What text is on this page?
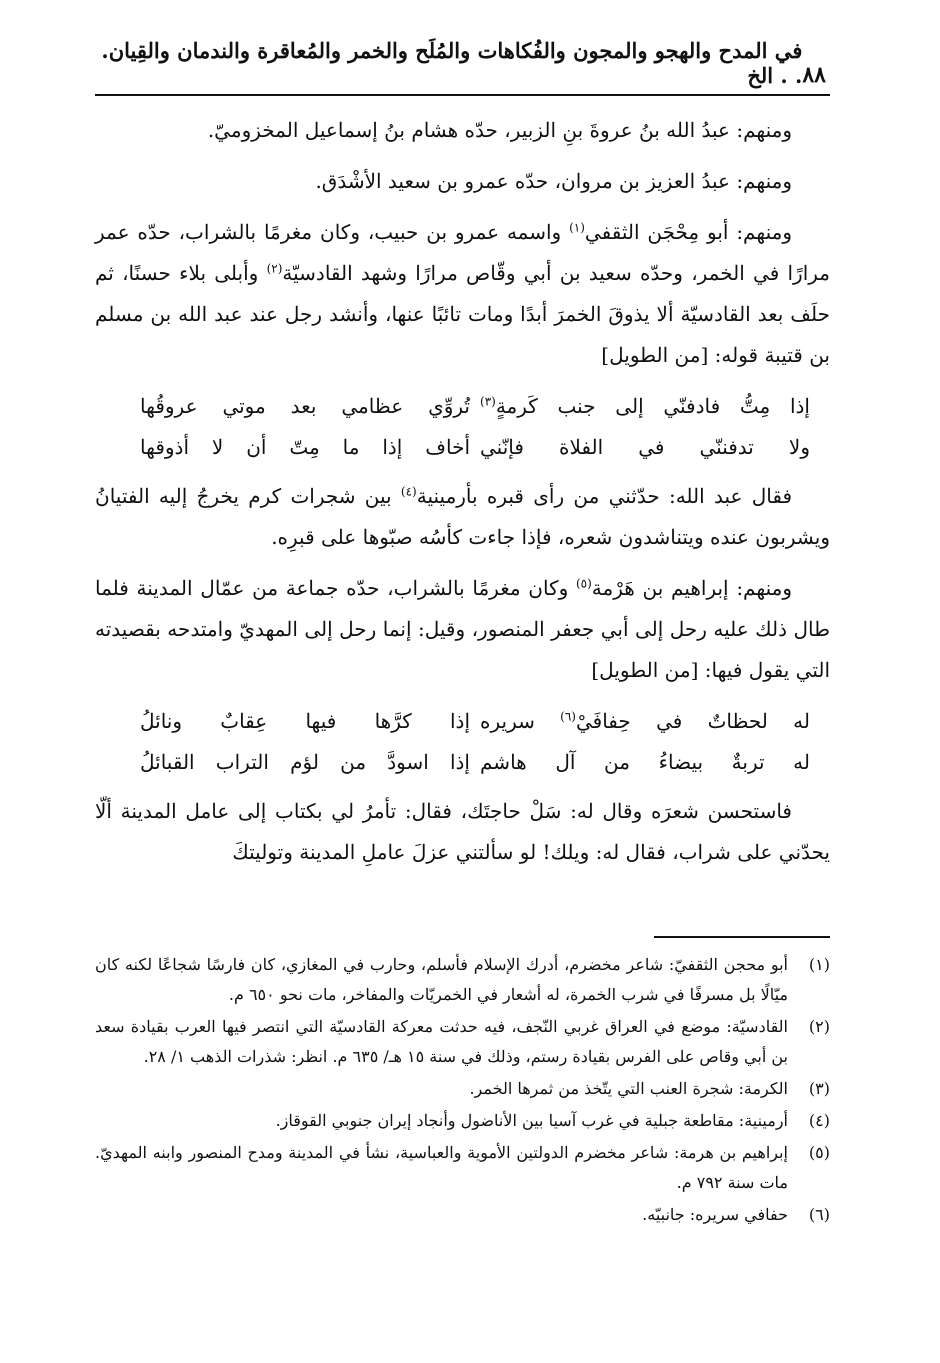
٨٨
في المدح والهجو والمجون والفُكاهات والمُلَح والخمر والمُعاقرة والندمان والقِيان. . . الخ

ومنهم: عبدُ الله بنُ عروةَ بنِ الزبير، حدّه هشام بنُ إسماعيل المخزوميّ.

ومنهم: عبدُ العزيز بن مروان، حدّه عمرو بن سعيد الأشْدَق.

ومنهم: أبو مِحْجَن الثقفي$^{(١)}$ واسمه عمرو بن حبيب، وكان مغرمًا بالشراب، حدّه عمر مرارًا في الخمر، وحدّه سعيد بن أبي وقّاص مرارًا وشهد القادسيّة$^{(٢)}$ وأبلى بلاء حسنًا، ثم حلَف بعد القادسيّة ألا يذوقَ الخمرَ أبدًا ومات تائبًا عنها، وأنشد رجل عند عبد الله بن مسلم بن قتيبة قوله: [من الطويل]

إذا مِتُّ فادفنّي إلى جنب كَرمةٍ$^{(٣)}$
تُروِّي عظامي بعد موتي عروقُها
ولا تدفننّي في الفلاة فإنّني
أخاف إذا ما مِتّ أن لا أذوقها

فقال عبد الله: حدّثني من رأى قبره بأرمينية$^{(٤)}$ بين شجرات كرم يخرجُ إليه الفتيانُ ويشربون عنده ويتناشدون شعره، فإذا جاءت كأسُه صبّوها على قبرِه.

ومنهم: إبراهيم بن هَرْمة$^{(٥)}$ وكان مغرمًا بالشراب، حدّه جماعة من عمّال المدينة فلما طال ذلك عليه رحل إلى أبي جعفر المنصور، وقيل: إنما رحل إلى المهديّ وامتدحه بقصيدته التي يقول فيها: [من الطويل]

له لحظاتٌ في حِفافَيْ$^{(٦)}$ سريره
إذا كرَّها فيها عِقابٌ ونائلُ
له تربةٌ بيضاءُ من آل هاشم
إذا اسودَّ من لؤم التراب القبائلُ

فاستحسن شعرَه وقال له: سَلْ حاجتَك، فقال: تأمرُ لي بكتاب إلى عامل المدينة ألّا يحدّني على شراب، فقال له: ويلك! لو سألتني عزلَ عاملِ المدينة وتوليتكَ

(١)
أبو محجن الثقفيّ: شاعر مخضرم، أدرك الإسلام فأسلم، وحارب في المغازي، كان فارسًا شجاعًا لكنه كان ميّالًا بل مسرفًا في شرب الخمرة، له أشعار في الخمريّات والمفاخر، مات نحو ٦٥٠ م.
(٢)
القادسيّة: موضع في العراق غربي النّجف، فيه حدثت معركة القادسيّة التي انتصر فيها العرب بقيادة سعد بن أبي وقاص على الفرس بقيادة رستم، وذلك في سنة ١٥ هـ/ ٦٣٥ م. انظر: شذرات الذهب ١/ ٢٨.
(٣)
الكرمة: شجرة العنب التي يتّخذ من ثمرها الخمر.
(٤)
أرمينية: مقاطعة جبلية في غرب آسيا بين الأناضول وأنجاد إيران جنوبي القوقاز.
(٥)
إبراهيم بن هرمة: شاعر مخضرم الدولتين الأموية والعباسية، نشأ في المدينة ومدح المنصور وابنه المهديّ. مات سنة ٧٩٢ م.
(٦)
حفافي سريره: جانبيّه.
